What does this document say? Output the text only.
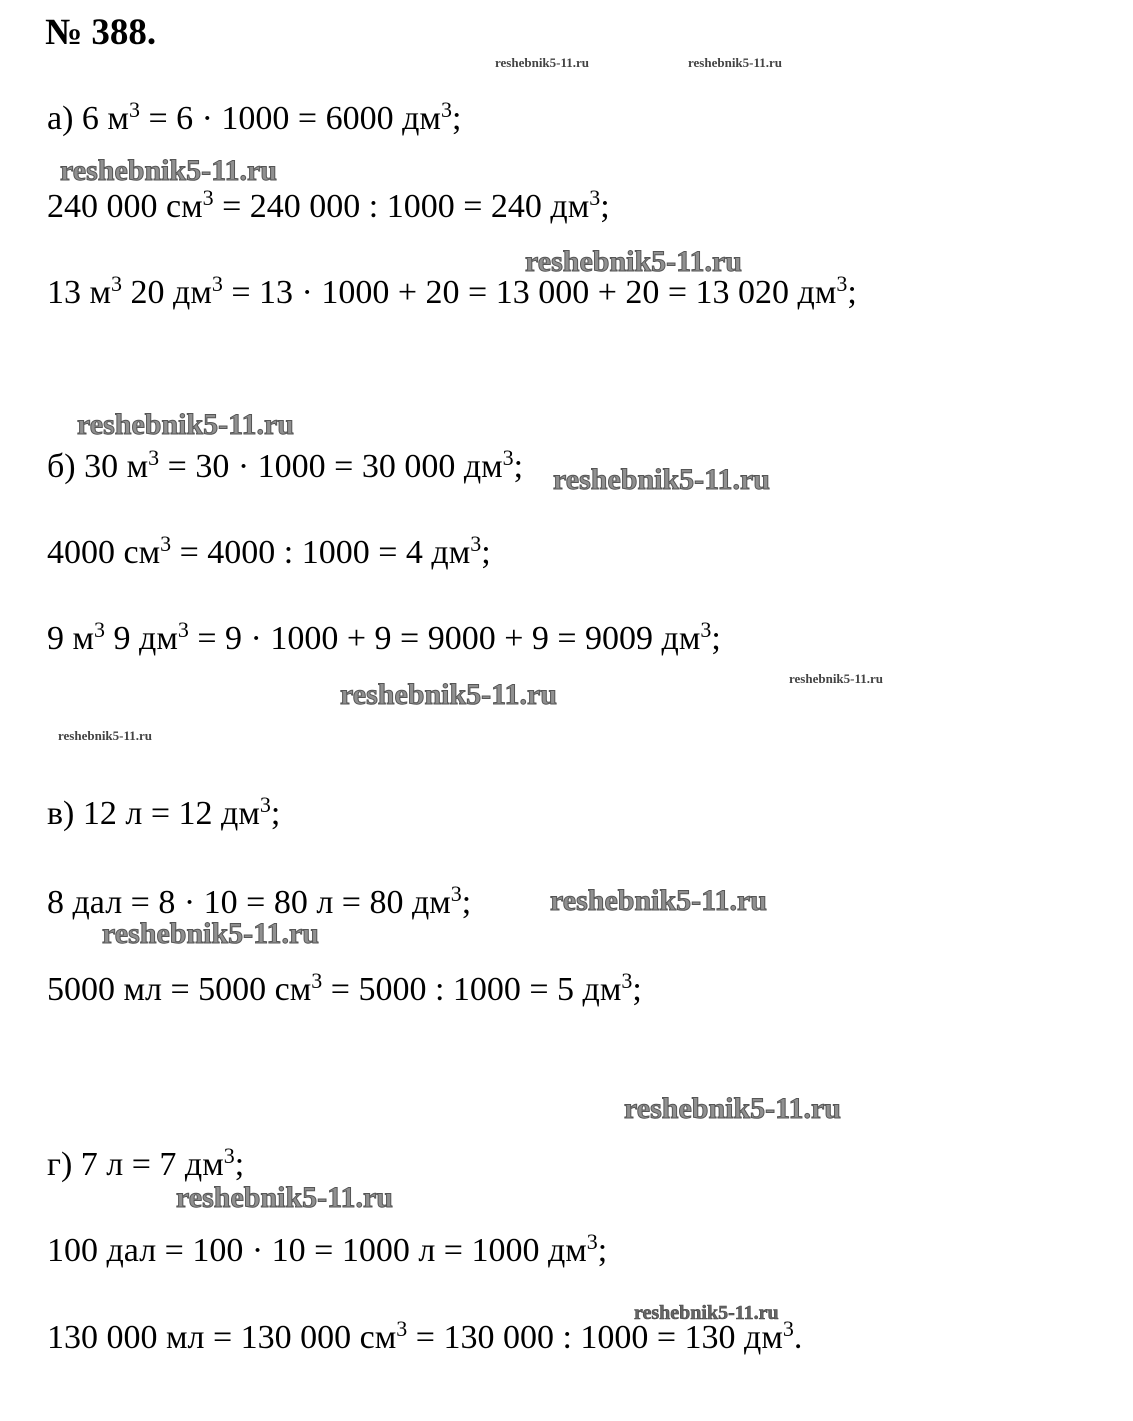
№ 388.
reshebnik5-11.ru	reshebnik5-11.ru
reshebnik5-11.ru
reshebnik5-11.ru
reshebnik5-11.ru
reshebnik5-11.ru
reshebnik5-11.ru	reshebnik5-11.ru
reshebnik5-11.ru
reshebnik5-11.ru
reshebnik5-11.ru
reshebnik5-11.ru
reshebnik5-11.ru
reshebnik5-11.ru
а) 6 $м^3 = 6 \cdot 1000 = 6000$ $дм^3$;
240 000 $см^3 = 240$ 000 : 1000 = 240 $дм^3$;
13 $м^3$ 20 $дм^3 = 13 \cdot 1000 + 20 = 13$ 000 + 20 = 13 020 $дм^3$;
б) 30 $м^3 = 30 \cdot 1000 = 30$ 000 $дм^3$;
4000 $см^3 = 4000$ : 1000 = 4 $дм^3$;
9 $м^3$ 9 $дм^3 = 9 \cdot 1000 + 9 = 9000 + 9 = 9009$ $дм^3$;
в) 12 л = 12 $дм^3$;
8 дал = 8 · 10 = 80 л = 80 $дм^3$;
5000 мл = 5000 $см^3 = 5000$ : 1000 = 5 $дм^3$;
г) 7 л = 7 $дм^3$;
100 дал = 100 · 10 = 1000 л = 1000 $дм^3$;
130 000 мл = 130 000 $см^3 = 130$ 000 : 1000 = 130 $дм^3$.
